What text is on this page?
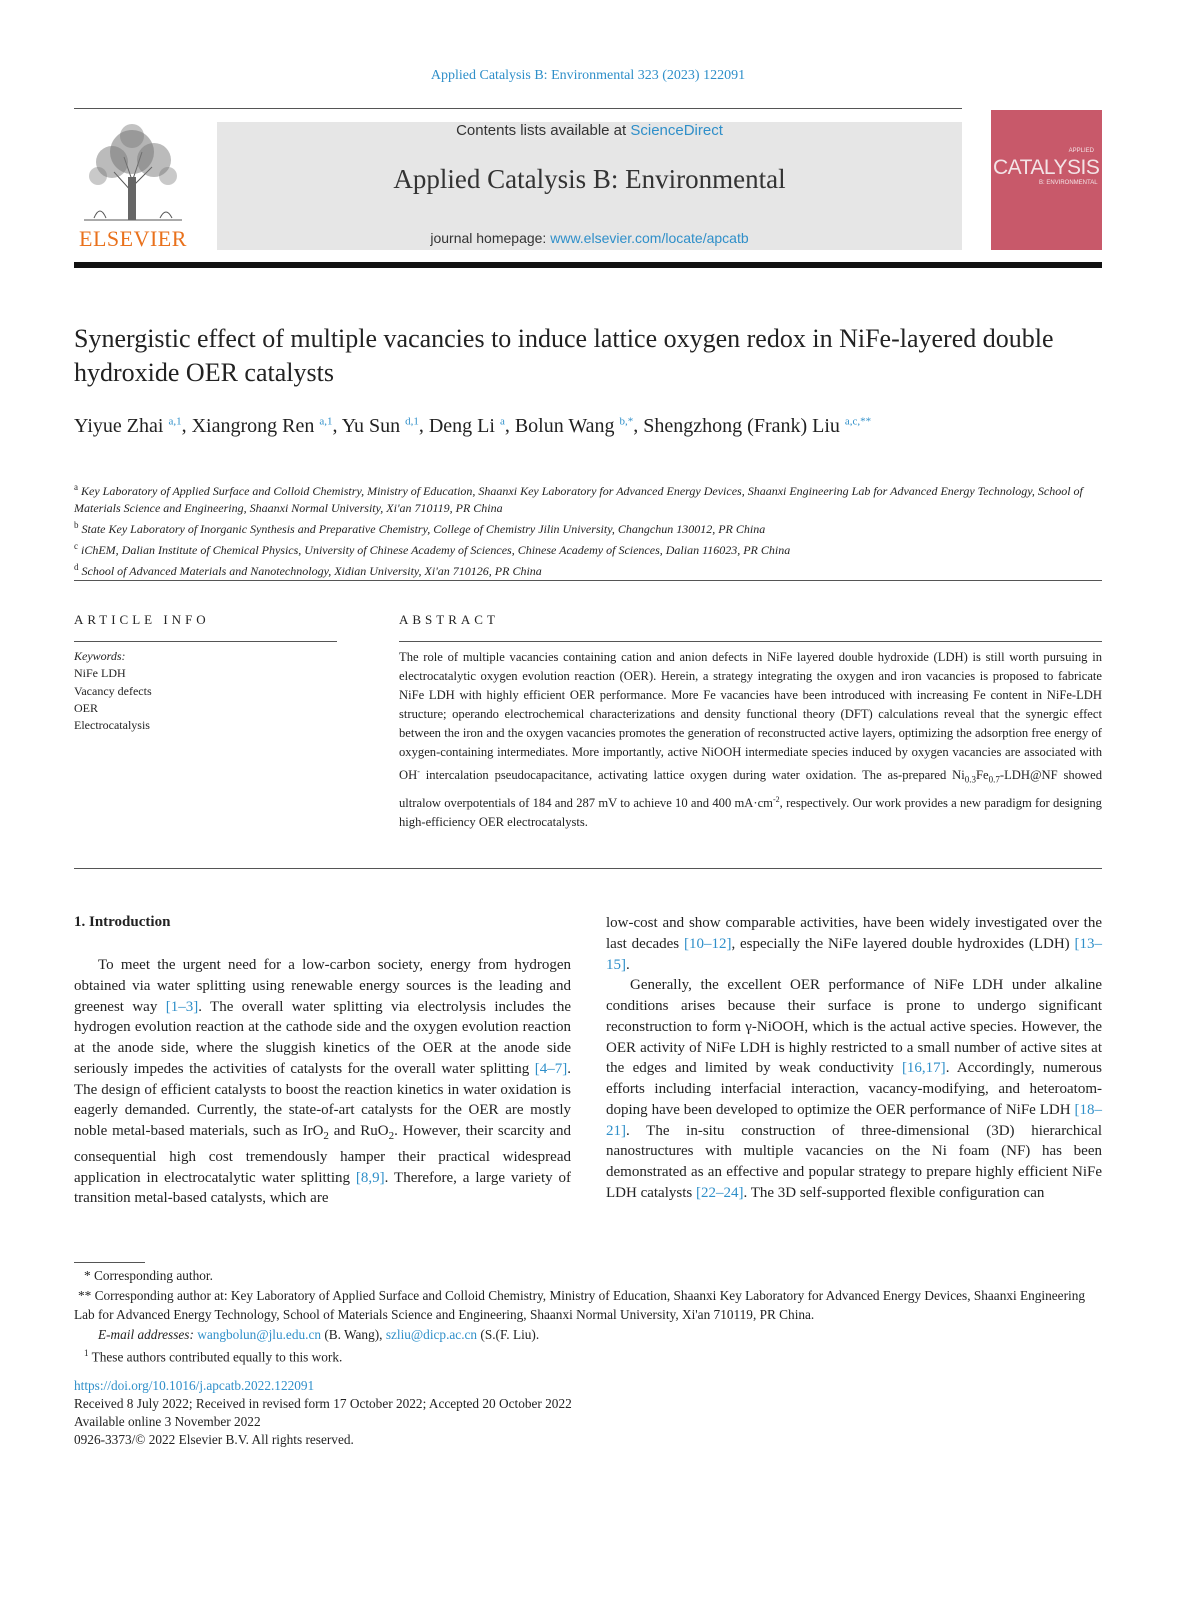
Applied Catalysis B: Environmental 323 (2023) 122091
ELSEVIER
Contents lists available at ScienceDirect
Applied Catalysis B: Environmental
journal homepage: www.elsevier.com/locate/apcatb
APPLIED
CATALYSIS
B: ENVIRONMENTAL
Synergistic effect of multiple vacancies to induce lattice oxygen redox in NiFe-layered double hydroxide OER catalysts
Yiyue Zhai $^{a,1}$, Xiangrong Ren $^{a,1}$, Yu Sun $^{d,1}$, Deng Li $^a$, Bolun Wang $^{b,*}$, Shengzhong (Frank) Liu $^{a,c,**}$
$^a$ Key Laboratory of Applied Surface and Colloid Chemistry, Ministry of Education, Shaanxi Key Laboratory for Advanced Energy Devices, Shaanxi Engineering Lab for Advanced Energy Technology, School of Materials Science and Engineering, Shaanxi Normal University, Xi'an 710119, PR China
$^b$ State Key Laboratory of Inorganic Synthesis and Preparative Chemistry, College of Chemistry Jilin University, Changchun 130012, PR China
$^c$ iChEM, Dalian Institute of Chemical Physics, University of Chinese Academy of Sciences, Chinese Academy of Sciences, Dalian 116023, PR China
$^d$ School of Advanced Materials and Nanotechnology, Xidian University, Xi'an 710126, PR China
ARTICLE INFO	ABSTRACT
Keywords:
NiFe LDH
Vacancy defects
OER
Electrocatalysis
The role of multiple vacancies containing cation and anion defects in NiFe layered double hydroxide (LDH) is still worth pursuing in electrocatalytic oxygen evolution reaction (OER). Herein, a strategy integrating the oxygen and iron vacancies is proposed to fabricate NiFe LDH with highly efficient OER performance. More Fe vacancies have been introduced with increasing Fe content in NiFe-LDH structure; operando electrochemical characterizations and density functional theory (DFT) calculations reveal that the synergic effect between the iron and the oxygen vacancies promotes the generation of reconstructed active layers, optimizing the adsorption free energy of oxygen-containing intermediates. More importantly, active NiOOH intermediate species induced by oxygen vacancies are associated with OH- intercalation pseudocapacitance, activating lattice oxygen during water oxidation. The as-prepared $Ni_{0.3}Fe_{0.7}-LDH@NF$ showed ultralow overpotentials of 184 and 287 mV to achieve 10 and 400 $mA\cdot cm^{-2}$, respectively. Our work provides a new paradigm for designing high-efficiency OER electrocatalysts.
1. Introduction

To meet the urgent need for a low-carbon society, energy from hydrogen obtained via water splitting using renewable energy sources is the leading and greenest way [1–3]. The overall water splitting via electrolysis includes the hydrogen evolution reaction at the cathode side and the oxygen evolution reaction at the anode side, where the sluggish kinetics of the OER at the anode side seriously impedes the activities of catalysts for the overall water splitting [4–7]. The design of efficient catalysts to boost the reaction kinetics in water oxidation is eagerly demanded. Currently, the state-of-art catalysts for the OER are mostly noble metal-based materials, such as IrO$_2$ and RuO$_2$. However, their scarcity and consequential high cost tremendously hamper their practical widespread application in electrocatalytic water splitting [8,9]. Therefore, a large variety of transition metal-based catalysts, which are

low-cost and show comparable activities, have been widely investigated over the last decades [10–12], especially the NiFe layered double hydroxides (LDH) [13–15].

Generally, the excellent OER performance of NiFe LDH under alkaline conditions arises because their surface is prone to undergo significant reconstruction to form γ-NiOOH, which is the actual active species. However, the OER activity of NiFe LDH is highly restricted to a small number of active sites at the edges and limited by weak conductivity [16,17]. Accordingly, numerous efforts including interfacial interaction, vacancy-modifying, and heteroatom-doping have been developed to optimize the OER performance of NiFe LDH [18–21]. The in-situ construction of three-dimensional (3D) hierarchical nanostructures with multiple vacancies on the Ni foam (NF) has been demonstrated as an effective and popular strategy to prepare highly efficient NiFe LDH catalysts [22–24]. The 3D self-supported flexible configuration can

* Corresponding author.
** Corresponding author at: Key Laboratory of Applied Surface and Colloid Chemistry, Ministry of Education, Shaanxi Key Laboratory for Advanced Energy Devices, Shaanxi Engineering Lab for Advanced Energy Technology, School of Materials Science and Engineering, Shaanxi Normal University, Xi'an 710119, PR China.
E-mail addresses: wangbolun@jlu.edu.cn (B. Wang), szliu@dicp.ac.cn (S.(F. Liu).
$^1$ These authors contributed equally to this work.
https://doi.org/10.1016/j.apcatb.2022.122091
Received 8 July 2022; Received in revised form 17 October 2022; Accepted 20 October 2022
Available online 3 November 2022
0926-3373/© 2022 Elsevier B.V. All rights reserved.
